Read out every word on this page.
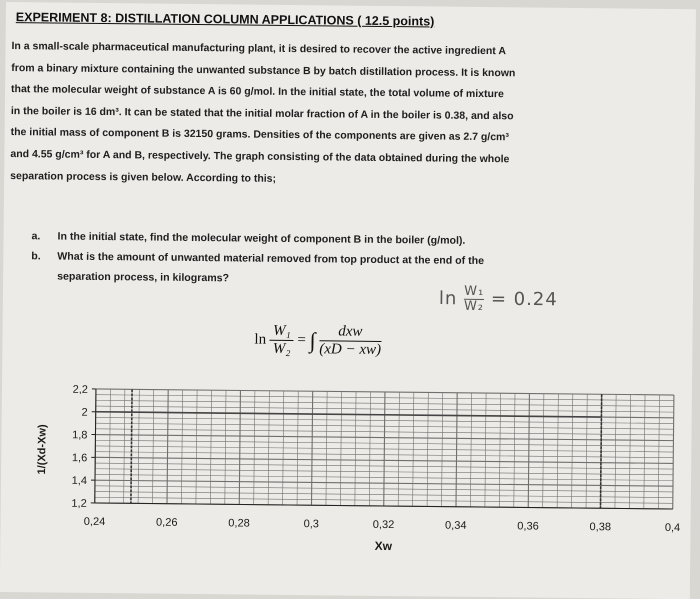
EXPERIMENT 8: DISTILLATION COLUMN APPLICATIONS ( 12.5 points)
In a small-scale pharmaceutical manufacturing plant, it is desired to recover the active ingredient A
from a binary mixture containing the unwanted substance B by batch distillation process. It is known
that the molecular weight of substance A is 60 g/mol. In the initial state, the total volume of mixture
in the boiler is 16 dm³. It can be stated that the initial molar fraction of A in the boiler is 0.38, and also
the initial mass of component B is 32150 grams. Densities of the components are given as 2.7 g/cm³
and 4.55 g/cm³ for A and B, respectively. The graph consisting of the data obtained during the whole
separation process is given below. According to this;
a. In the initial state, find the molecular weight of component B in the boiler (g/mol).
b. What is the amount of unwanted material removed from top product at the end of the
separation process, in kilograms?
$\ln \frac{\text{W₁}}{\text{W₂}} = 0.24$
$\ln \frac{\text{W₁}}{\text{W₂}}$ = ∫ $\frac{\text{dxw}}{(xD - xw)}$
0,24	0,26	0,28	0,3	0,32	0,34	0,36	0,38	0,4
2,2
2
1,8
1,6
1,4
1,2
Xw
1/(Xd-Xw)
